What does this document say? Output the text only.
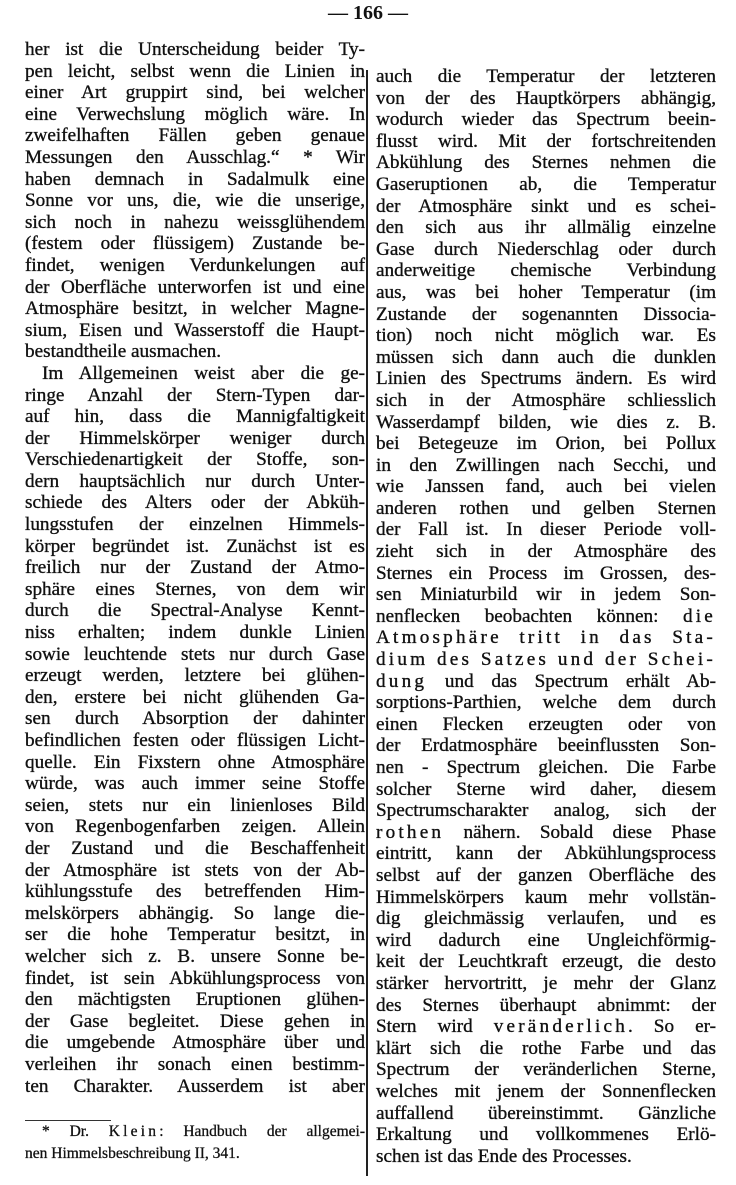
— 166 —
her ist die Unterscheidung beider Ty-
pen leicht, selbst wenn die Linien in
einer Art gruppirt sind, bei welcher
eine Verwechslung möglich wäre. In
zweifelhaften Fällen geben genaue
Messungen den Ausschlag.“ * Wir
haben demnach in Sadalmulk eine
Sonne vor uns, die, wie die unserige,
sich noch in nahezu weissglühendem
(festem oder flüssigem) Zustande be-
findet, wenigen Verdunkelungen auf
der Oberfläche unterworfen ist und eine
Atmosphäre besitzt, in welcher Magne-
sium, Eisen und Wasserstoff die Haupt-
bestandtheile ausmachen.
Im Allgemeinen weist aber die ge-
ringe Anzahl der Stern-Typen dar-
auf hin, dass die Mannigfaltigkeit
der Himmelskörper weniger durch
Verschiedenartigkeit der Stoffe, son-
dern hauptsächlich nur durch Unter-
schiede des Alters oder der Abküh-
lungsstufen der einzelnen Himmels-
körper begründet ist. Zunächst ist es
freilich nur der Zustand der Atmo-
sphäre eines Sternes, von dem wir
durch die Spectral-Analyse Kennt-
niss erhalten; indem dunkle Linien
sowie leuchtende stets nur durch Gase
erzeugt werden, letztere bei glühen-
den, erstere bei nicht glühenden Ga-
sen durch Absorption der dahinter
befindlichen festen oder flüssigen Licht-
quelle. Ein Fixstern ohne Atmosphäre
würde, was auch immer seine Stoffe
seien, stets nur ein linienloses Bild
von Regenbogenfarben zeigen. Allein
der Zustand und die Beschaffenheit
der Atmosphäre ist stets von der Ab-
kühlungsstufe des betreffenden Him-
melskörpers abhängig. So lange die-
ser die hohe Temperatur besitzt, in
welcher sich z. B. unsere Sonne be-
findet, ist sein Abkühlungsprocess von
den mächtigsten Eruptionen glühen-
der Gase begleitet. Diese gehen in
die umgebende Atmosphäre über und
verleihen ihr sonach einen bestimm-
ten Charakter. Ausserdem ist aber
auch die Temperatur der letzteren
von der des Hauptkörpers abhängig,
wodurch wieder das Spectrum beein-
flusst wird. Mit der fortschreitenden
Abkühlung des Sternes nehmen die
Gaseruptionen ab, die Temperatur
der Atmosphäre sinkt und es schei-
den sich aus ihr allmälig einzelne
Gase durch Niederschlag oder durch
anderweitige chemische Verbindung
aus, was bei hoher Temperatur (im
Zustande der sogenannten Dissocia-
tion) noch nicht möglich war. Es
müssen sich dann auch die dunklen
Linien des Spectrums ändern. Es wird
sich in der Atmosphäre schliesslich
Wasserdampf bilden, wie dies z. B.
bei Betegeuze im Orion, bei Pollux
in den Zwillingen nach Secchi, und
wie Janssen fand, auch bei vielen
anderen rothen und gelben Sternen
der Fall ist. In dieser Periode voll-
zieht sich in der Atmosphäre des
Sternes ein Process im Grossen, des-
sen Miniaturbild wir in jedem Son-
nenflecken beobachten können: die
Atmosphäre tritt in das Sta-
dium des Satzes und der Schei-
dung und das Spectrum erhält Ab-
sorptions-Parthien, welche dem durch
einen Flecken erzeugten oder von
der Erdatmosphäre beeinflussten Son-
nen - Spectrum gleichen. Die Farbe
solcher Sterne wird daher, diesem
Spectrumscharakter analog, sich der
rothen nähern. Sobald diese Phase
eintritt, kann der Abkühlungsprocess
selbst auf der ganzen Oberfläche des
Himmelskörpers kaum mehr vollstän-
dig gleichmässig verlaufen, und es
wird dadurch eine Ungleichförmig-
keit der Leuchtkraft erzeugt, die desto
stärker hervortritt, je mehr der Glanz
des Sternes überhaupt abnimmt: der
Stern wird veränderlich. So er-
klärt sich die rothe Farbe und das
Spectrum der veränderlichen Sterne,
welches mit jenem der Sonnenflecken
auffallend übereinstimmt. Gänzliche
Erkaltung und vollkommenes Erlö-
schen ist das Ende des Processes.
* Dr. Klein: Handbuch der allgemei-
nen Himmelsbeschreibung II, 341.
